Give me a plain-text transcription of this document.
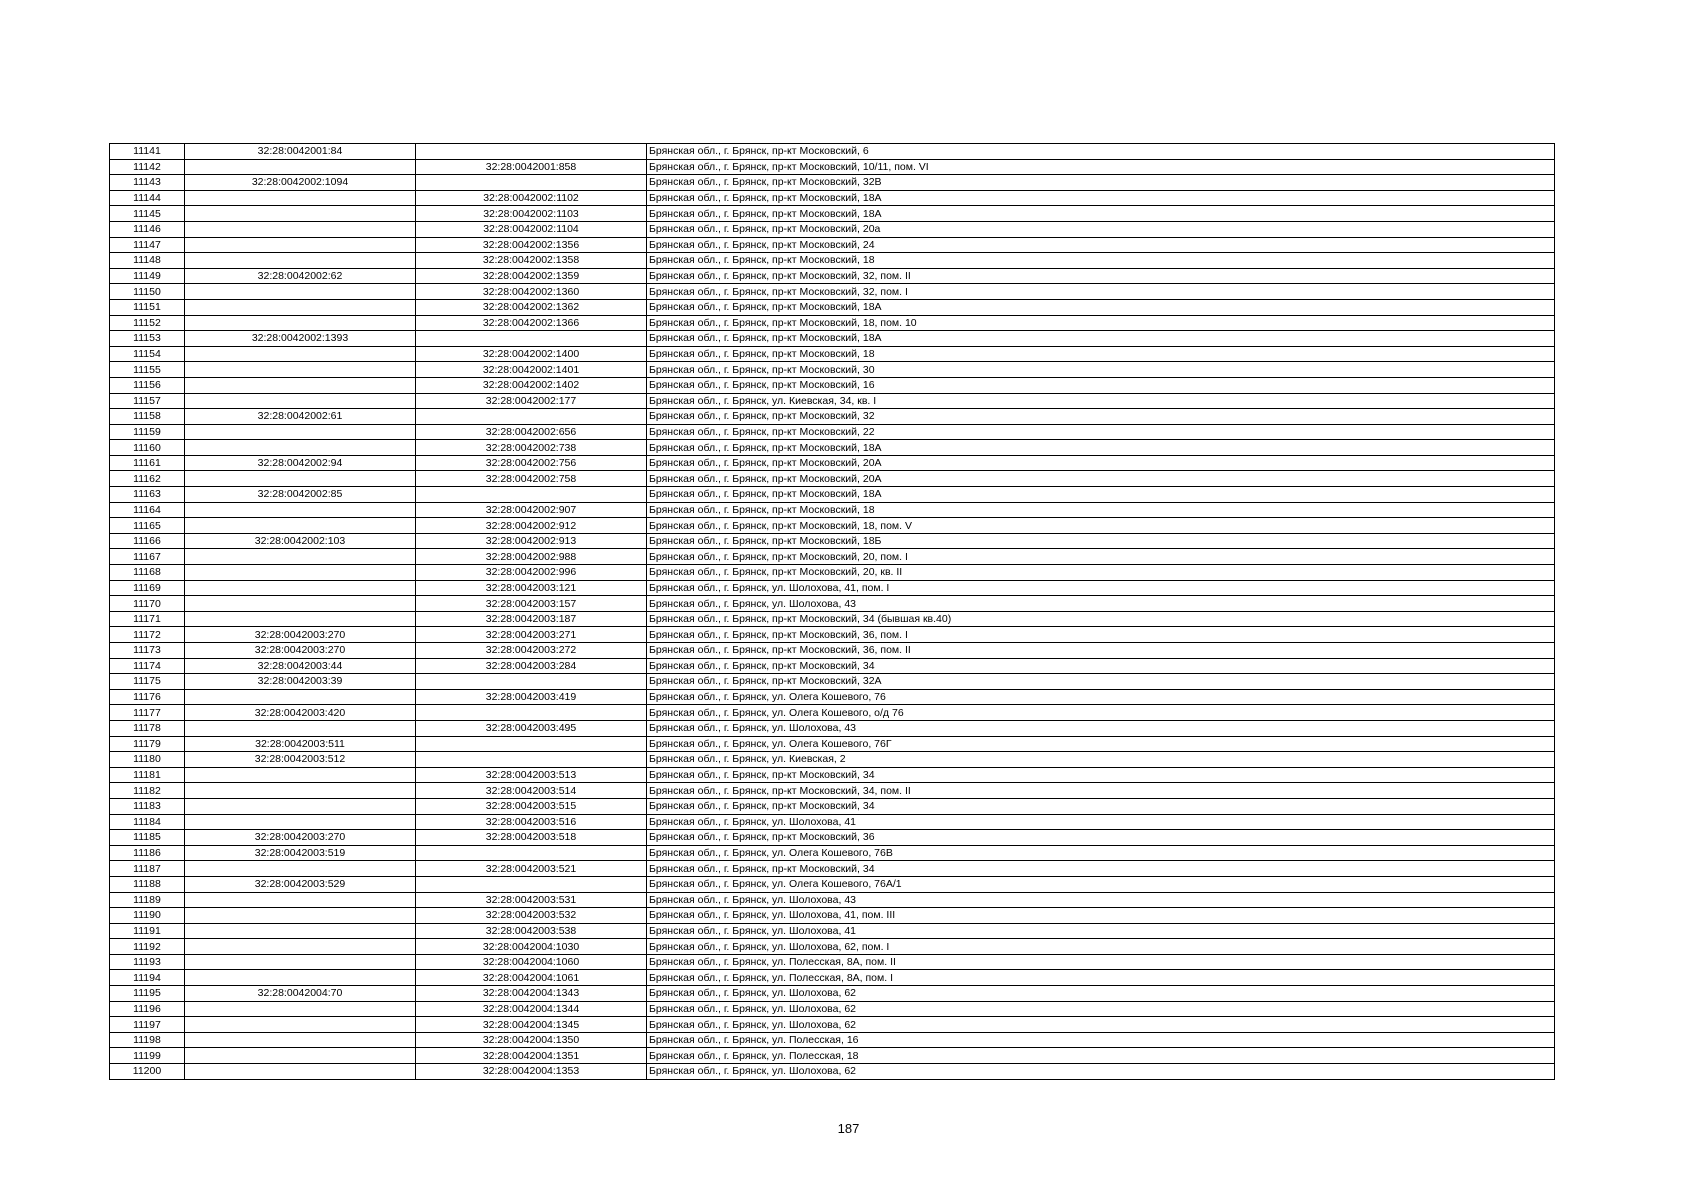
11141	32:28:0042001:84		Брянская обл., г. Брянск, пр-кт Московский, 6
11142		32:28:0042001:858	Брянская обл., г. Брянск, пр-кт Московский, 10/11, пом. VI
11143	32:28:0042002:1094		Брянская обл., г. Брянск, пр-кт Московский, 32В
11144		32:28:0042002:1102	Брянская обл., г. Брянск, пр-кт Московский, 18А
11145		32:28:0042002:1103	Брянская обл., г. Брянск, пр-кт Московский, 18А
11146		32:28:0042002:1104	Брянская обл., г. Брянск, пр-кт Московский, 20а
11147		32:28:0042002:1356	Брянская обл., г. Брянск, пр-кт Московский, 24
11148		32:28:0042002:1358	Брянская обл., г. Брянск, пр-кт Московский, 18
11149	32:28:0042002:62	32:28:0042002:1359	Брянская обл., г. Брянск, пр-кт Московский, 32, пом. II
11150		32:28:0042002:1360	Брянская обл., г. Брянск, пр-кт Московский, 32, пом. I
11151		32:28:0042002:1362	Брянская обл., г. Брянск, пр-кт Московский, 18А
11152		32:28:0042002:1366	Брянская обл., г. Брянск, пр-кт Московский, 18, пом. 10
11153	32:28:0042002:1393		Брянская обл., г. Брянск, пр-кт Московский, 18А
11154		32:28:0042002:1400	Брянская обл., г. Брянск, пр-кт Московский, 18
11155		32:28:0042002:1401	Брянская обл., г. Брянск, пр-кт Московский, 30
11156		32:28:0042002:1402	Брянская обл., г. Брянск, пр-кт Московский, 16
11157		32:28:0042002:177	Брянская обл., г. Брянск, ул. Киевская, 34, кв. I
11158	32:28:0042002:61		Брянская обл., г. Брянск, пр-кт Московский, 32
11159		32:28:0042002:656	Брянская обл., г. Брянск, пр-кт Московский, 22
11160		32:28:0042002:738	Брянская обл., г. Брянск, пр-кт Московский, 18А
11161	32:28:0042002:94	32:28:0042002:756	Брянская обл., г. Брянск, пр-кт Московский, 20А
11162		32:28:0042002:758	Брянская обл., г. Брянск, пр-кт Московский, 20А
11163	32:28:0042002:85		Брянская обл., г. Брянск, пр-кт Московский, 18А
11164		32:28:0042002:907	Брянская обл., г. Брянск, пр-кт Московский, 18
11165		32:28:0042002:912	Брянская обл., г. Брянск, пр-кт Московский, 18, пом. V
11166	32:28:0042002:103	32:28:0042002:913	Брянская обл., г. Брянск, пр-кт Московский, 18Б
11167		32:28:0042002:988	Брянская обл., г. Брянск, пр-кт Московский, 20, пом. I
11168		32:28:0042002:996	Брянская обл., г. Брянск, пр-кт Московский, 20, кв. II
11169		32:28:0042003:121	Брянская обл., г. Брянск, ул. Шолохова, 41, пом. I
11170		32:28:0042003:157	Брянская обл., г. Брянск, ул. Шолохова, 43
11171		32:28:0042003:187	Брянская обл., г. Брянск, пр-кт Московский, 34 (бывшая кв.40)
11172	32:28:0042003:270	32:28:0042003:271	Брянская обл., г. Брянск, пр-кт Московский, 36, пом. I
11173	32:28:0042003:270	32:28:0042003:272	Брянская обл., г. Брянск, пр-кт Московский, 36, пом. II
11174	32:28:0042003:44	32:28:0042003:284	Брянская обл., г. Брянск, пр-кт Московский, 34
11175	32:28:0042003:39		Брянская обл., г. Брянск, пр-кт Московский, 32А
11176		32:28:0042003:419	Брянская обл., г. Брянск, ул. Олега Кошевого, 76
11177	32:28:0042003:420		Брянская обл., г. Брянск, ул. Олега Кошевого, о/д 76
11178		32:28:0042003:495	Брянская обл., г. Брянск, ул. Шолохова, 43
11179	32:28:0042003:511		Брянская обл., г. Брянск, ул. Олега Кошевого, 76Г
11180	32:28:0042003:512		Брянская обл., г. Брянск, ул. Киевская, 2
11181		32:28:0042003:513	Брянская обл., г. Брянск, пр-кт Московский, 34
11182		32:28:0042003:514	Брянская обл., г. Брянск, пр-кт Московский, 34, пом. II
11183		32:28:0042003:515	Брянская обл., г. Брянск, пр-кт Московский, 34
11184		32:28:0042003:516	Брянская обл., г. Брянск, ул. Шолохова, 41
11185	32:28:0042003:270	32:28:0042003:518	Брянская обл., г. Брянск, пр-кт Московский, 36
11186	32:28:0042003:519		Брянская обл., г. Брянск, ул. Олега Кошевого, 76В
11187		32:28:0042003:521	Брянская обл., г. Брянск, пр-кт Московский, 34
11188	32:28:0042003:529		Брянская обл., г. Брянск, ул. Олега Кошевого, 76А/1
11189		32:28:0042003:531	Брянская обл., г. Брянск, ул. Шолохова, 43
11190		32:28:0042003:532	Брянская обл., г. Брянск, ул. Шолохова, 41, пом. III
11191		32:28:0042003:538	Брянская обл., г. Брянск, ул. Шолохова, 41
11192		32:28:0042004:1030	Брянская обл., г. Брянск, ул. Шолохова, 62, пом. I
11193		32:28:0042004:1060	Брянская обл., г. Брянск, ул. Полесская, 8А, пом. II
11194		32:28:0042004:1061	Брянская обл., г. Брянск, ул. Полесская, 8А, пом. I
11195	32:28:0042004:70	32:28:0042004:1343	Брянская обл., г. Брянск, ул. Шолохова, 62
11196		32:28:0042004:1344	Брянская обл., г. Брянск, ул. Шолохова, 62
11197		32:28:0042004:1345	Брянская обл., г. Брянск, ул. Шолохова, 62
11198		32:28:0042004:1350	Брянская обл., г. Брянск, ул. Полесская, 16
11199		32:28:0042004:1351	Брянская обл., г. Брянск, ул. Полесская, 18
11200		32:28:0042004:1353	Брянская обл., г. Брянск, ул. Шолохова, 62
187
